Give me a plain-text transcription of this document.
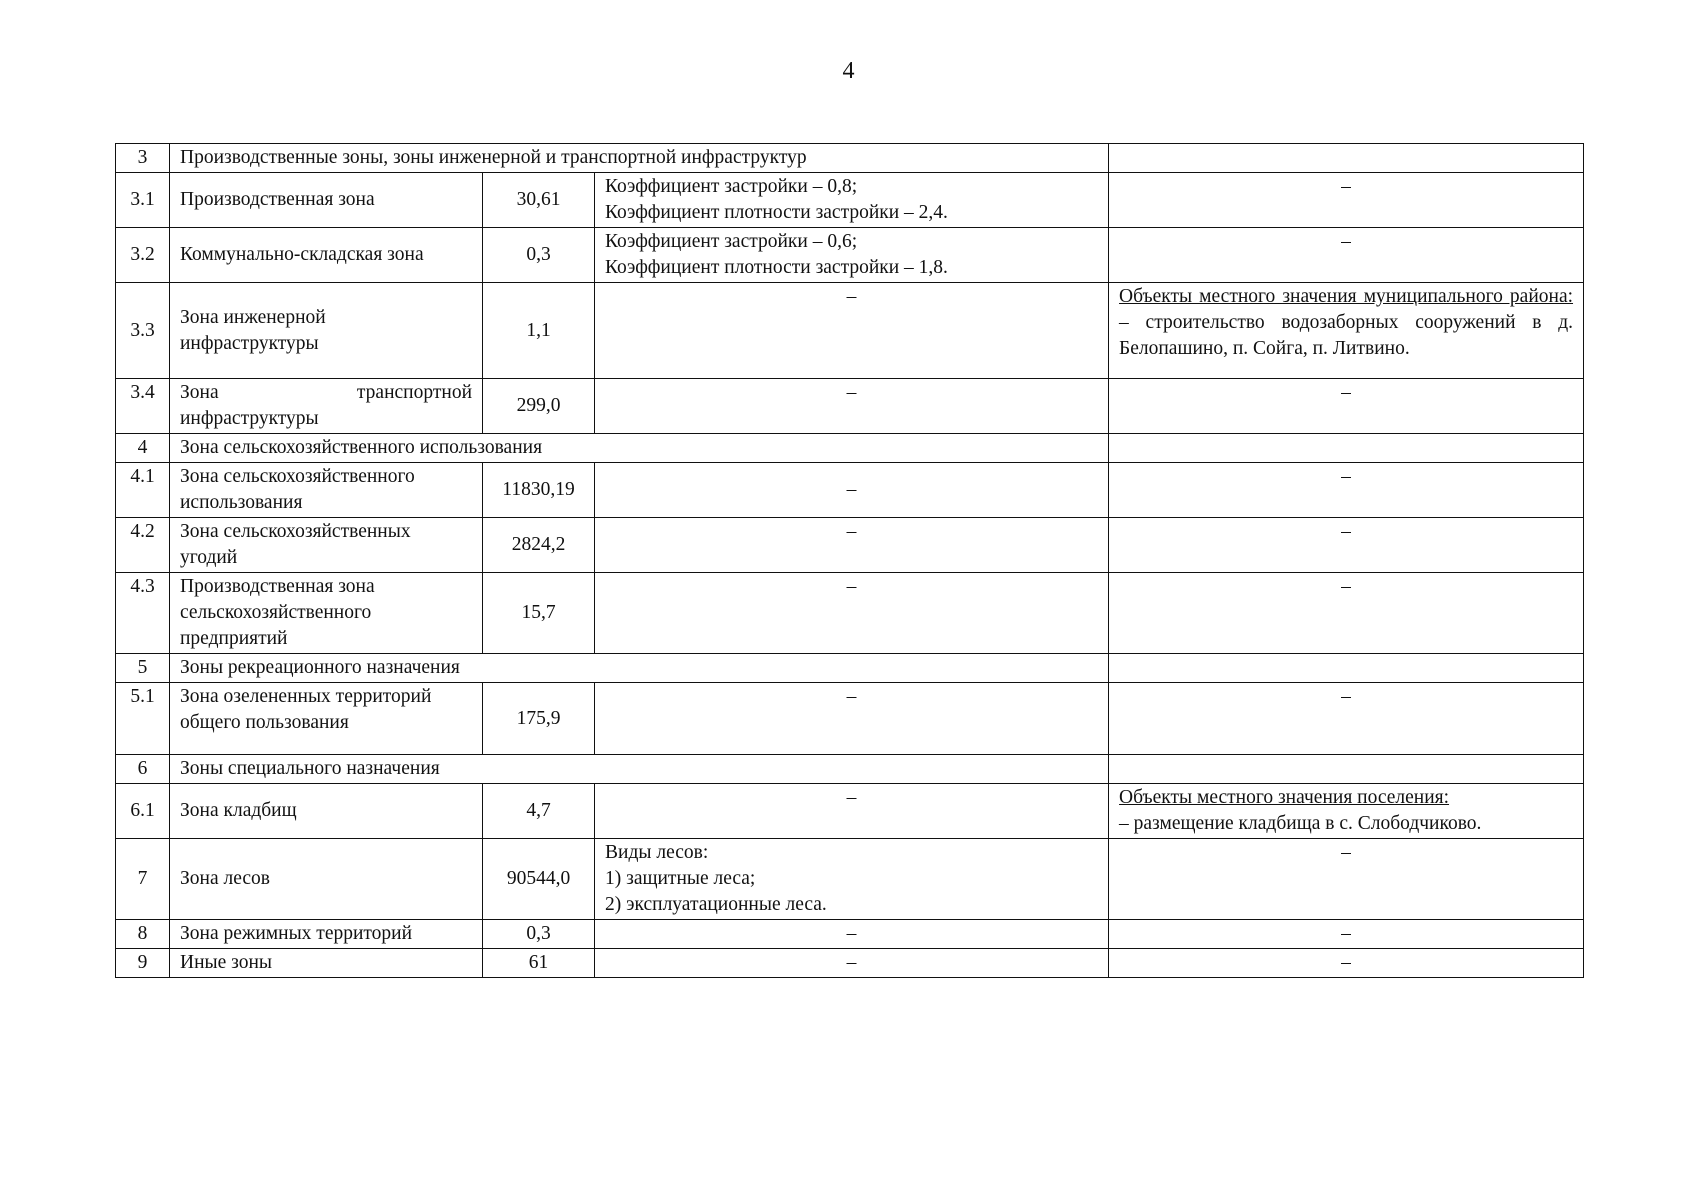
4
3	Производственные зоны, зоны инженерной и транспортной инфраструктур			
3.1	Производственная зона	30,61	Коэффициент застройки – 0,8;
Коэффициент плотности застройки – 2,4.	–
3.2	Коммунально-складская зона	0,3	Коэффициент застройки – 0,6;
Коэффициент плотности застройки – 1,8.	–
3.3	Зона инженерной
инфраструктуры	1,1	–	Объекты местного значения муниципального района: – строительство водозаборных сооружений в д. Белопашино, п. Сойга, п. Литвино.
3.4	Зона транспортной
инфраструктуры	299,0	–	–
4	Зона сельскохозяйственного использования			
4.1	Зона сельскохозяйственного
использования	11830,19	–	–
4.2	Зона сельскохозяйственных
угодий	2824,2	–	–
4.3	Производственная зона
сельскохозяйственного
предприятий	15,7	–	–
5	Зоны рекреационного назначения			
5.1	Зона озелененных территорий
общего пользования	175,9	–	–
6	Зоны специального назначения			
6.1	Зона кладбищ	4,7	–	Объекты местного значения поселения:
– размещение кладбища в с. Слободчиково.

7	Зона лесов	90544,0	Виды лесов:
1) защитные леса;
2) эксплуатационные леса.	–
8	Зона режимных территорий	0,3	–	–
9	Иные зоны	61	–	–
